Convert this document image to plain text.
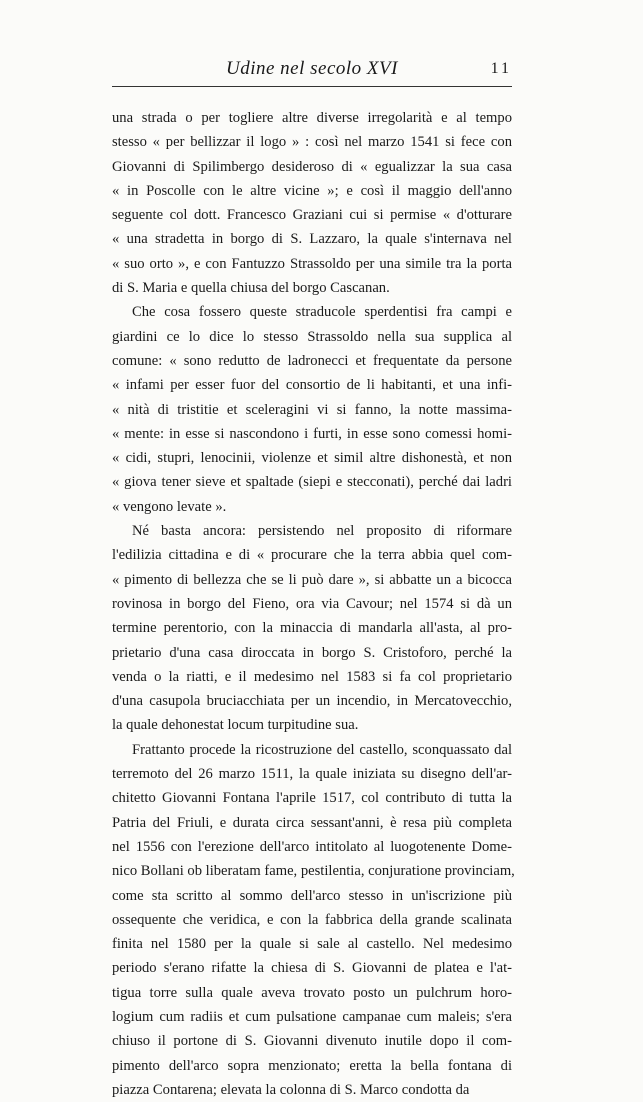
Udine nel secolo XVI	11
una strada o per togliere altre diverse irregolarità e al tempo
stesso « per bellizzar il logo » : così nel marzo 1541 si fece con
Giovanni di Spilimbergo desideroso di « egualizzar la sua casa
« in Poscolle con le altre vicine »; e così il maggio dell'anno
seguente col dott. Francesco Graziani cui si permise « d'otturare
« una stradetta in borgo di S. Lazzaro, la quale s'internava nel
« suo orto », e con Fantuzzo Strassoldo per una simile tra la porta
di S. Maria e quella chiusa del borgo Cascanan.
Che cosa fossero queste straducole sperdentisi fra campi e
giardini ce lo dice lo stesso Strassoldo nella sua supplica al
comune: « sono redutto de ladronecci et frequentate da persone
« infami per esser fuor del consortio de li habitanti, et una infi-
« nità di tristitie et sceleragini vi si fanno, la notte massima-
« mente: in esse si nascondono i furti, in esse sono comessi homi-
« cidi, stupri, lenocinii, violenze et simil altre dishonestà, et non
« giova tener sieve et spaltade (siepi e stecconati), perché dai ladri
« vengono levate ».
Né basta ancora: persistendo nel proposito di riformare
l'edilizia cittadina e di « procurare che la terra abbia quel com-
« pimento di bellezza che se li può dare », si abbatte un a bicocca
rovinosa in borgo del Fieno, ora via Cavour; nel 1574 si dà un
termine perentorio, con la minaccia di mandarla all'asta, al pro-
prietario d'una casa diroccata in borgo S. Cristoforo, perché la
venda o la riatti, e il medesimo nel 1583 si fa col proprietario
d'una casupola bruciacchiata per un incendio, in Mercatovecchio,
la quale dehonestat locum turpitudine sua.
Frattanto procede la ricostruzione del castello, sconquassato dal
terremoto del 26 marzo 1511, la quale iniziata su disegno dell'ar-
chitetto Giovanni Fontana l'aprile 1517, col contributo di tutta la
Patria del Friuli, e durata circa sessant'anni, è resa più completa
nel 1556 con l'erezione dell'arco intitolato al luogotenente Dome-
nico Bollani ob liberatam fame, pestilentia, conjuratione provinciam,
come sta scritto al sommo dell'arco stesso in un'iscrizione più
ossequente che veridica, e con la fabbrica della grande scalinata
finita nel 1580 per la quale si sale al castello. Nel medesimo
periodo s'erano rifatte la chiesa di S. Giovanni de platea e l'at-
tigua torre sulla quale aveva trovato posto un pulchrum horo-
logium cum radiis et cum pulsatione campanae cum maleis; s'era
chiuso il portone di S. Giovanni divenuto inutile dopo il com-
pimento dell'arco sopra menzionato; eretta la bella fontana di
piazza Contarena; elevata la colonna di S. Marco condotta da
